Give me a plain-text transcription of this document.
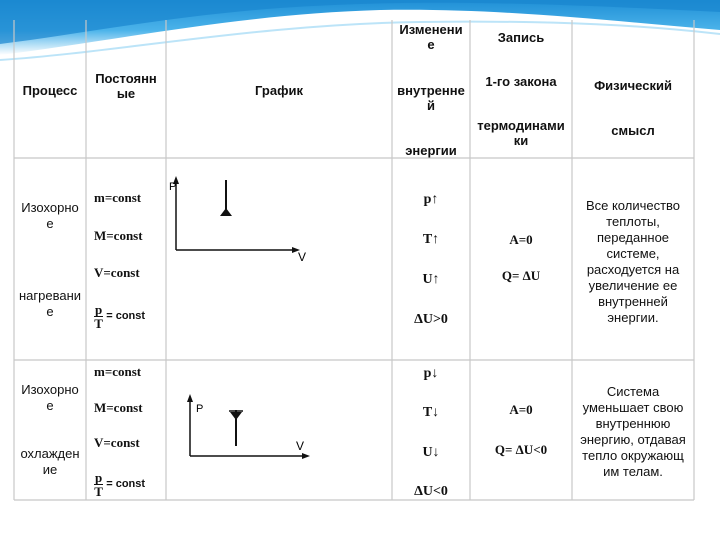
Процесс
Постоянн ые	График
Изменени е
внутренне й
энергии
Запись
1-го закона
термодинами ки
Физический
смысл
Изохорно е
нагревани е
m=const
M=const
V=const
$\frac{p}{T}$ = const
P
V
p↑
T↑
U↑
ΔU>0
A=0
Q= ΔU
Все количество теплоты, переданное системе, расходуется на увеличение ее внутренней энергии.
Изохорно е
охлажден ие
m=const
M=const
V=const
$\frac{p}{T}$ = const
P
V
p↓
T↓
U↓
ΔU<0
A=0
Q= ΔU<0
Система уменьшает свою внутреннюю энергию, отдавая тепло окружающ им телам.
